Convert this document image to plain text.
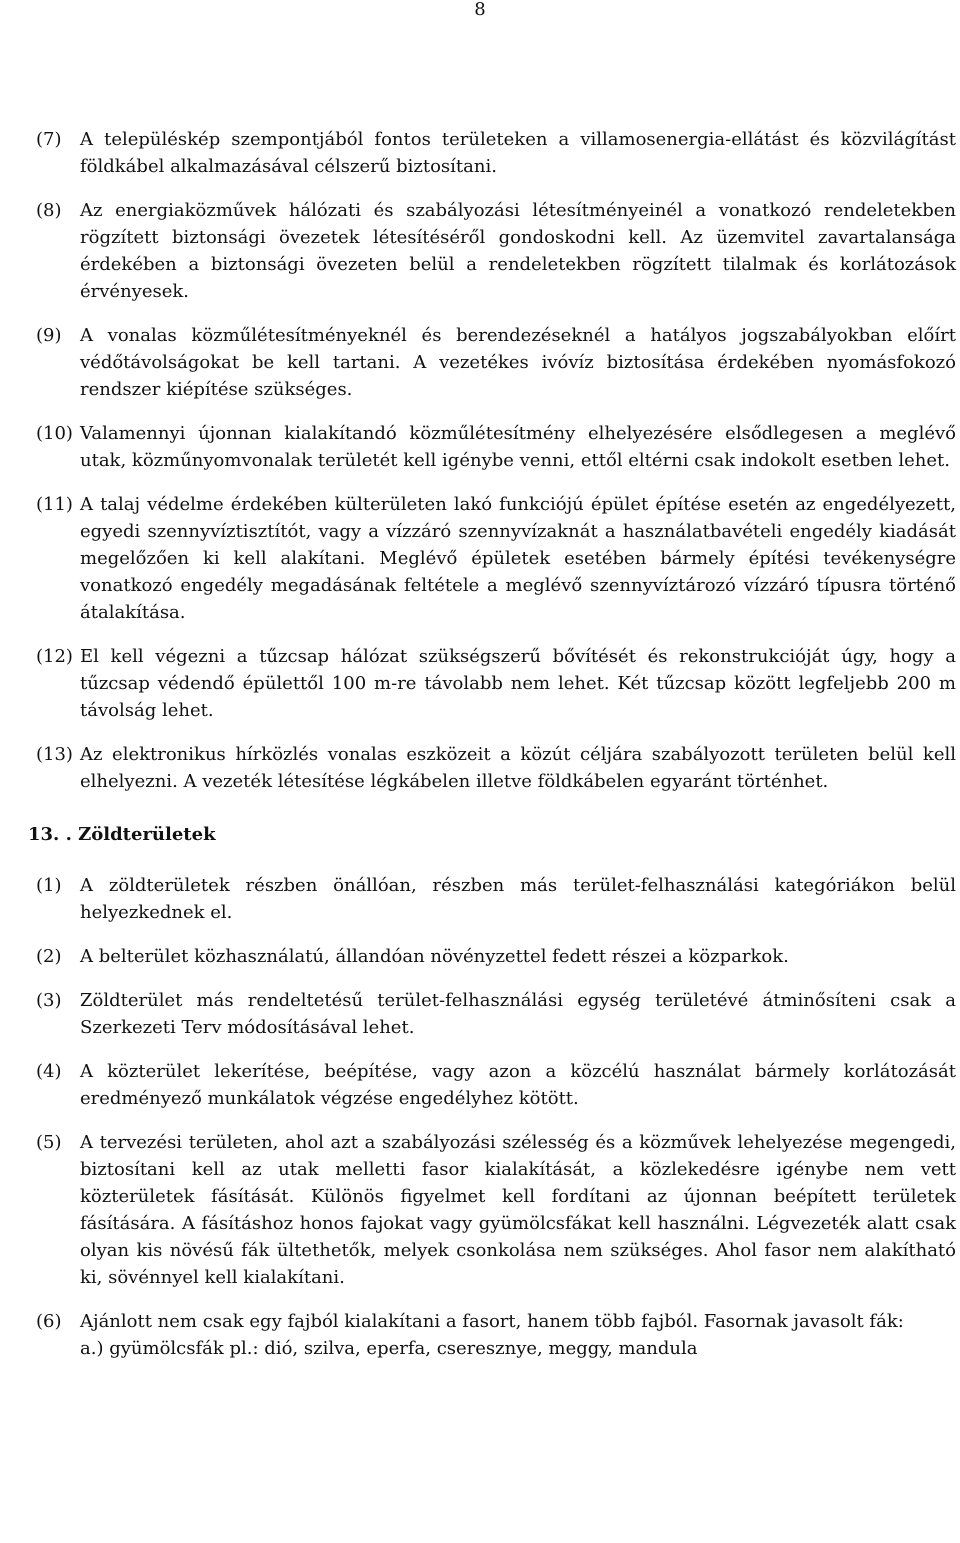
8
(7)	A településkép szempontjából fontos területeken a villamosenergia-ellátást és közvilágítást földkábel alkalmazásával célszerű biztosítani.
(8)	Az energiaközművek hálózati és szabályozási létesítményeinél a vonatkozó rendeletekben rögzített biztonsági övezetek létesítéséről gondoskodni kell. Az üzemvitel zavartalansága érdekében a biztonsági övezeten belül a rendeletekben rögzített tilalmak és korlátozások érvényesek.
(9)	A vonalas közműlétesítményeknél és berendezéseknél a hatályos jogszabályokban előírt védőtávolságokat be kell tartani. A vezetékes ivóvíz biztosítása érdekében nyomásfokozó rendszer kiépítése szükséges.
(10) Valamennyi újonnan kialakítandó közműlétesítmény elhelyezésére elsődlegesen a meglévő utak, közműnyomvonalak területét kell igénybe venni, ettől eltérni csak indokolt esetben lehet.
(11) A talaj védelme érdekében külterületen lakó funkciójú épület építése esetén az engedélyezett, egyedi szennyvíztisztítót, vagy a vízzáró szennyvízaknát a használatbavételi engedély kiadását megelőzően ki kell alakítani. Meglévő épületek esetében bármely építési tevékenységre vonatkozó engedély megadásának feltétele a meglévő szennyvíztározó vízzáró típusra történő átalakítása.
(12) El kell végezni a tűzcsap hálózat szükségszerű bővítését és rekonstrukcióját úgy, hogy a tűzcsap védendő épülettől 100 m-re távolabb nem lehet. Két tűzcsap között legfeljebb 200 m távolság lehet.
(13) Az elektronikus hírközlés vonalas eszközeit a közút céljára szabályozott területen belül kell elhelyezni. A vezeték létesítése légkábelen illetve földkábelen egyaránt történhet.
13. . Zöldterületek
(1)	A zöldterületek részben önállóan, részben más terület-felhasználási kategóriákon belül helyezkednek el.
(2)	A belterület közhasználatú, állandóan növényzettel fedett részei a közparkok.
(3)	Zöldterület más rendeltetésű terület-felhasználási egység területévé átminősíteni csak a Szerkezeti Terv módosításával lehet.
(4)	A közterület lekerítése, beépítése, vagy azon a közcélú használat bármely korlátozását eredményező munkálatok végzése engedélyhez kötött.
(5)	A tervezési területen, ahol azt a szabályozási szélesség és a közművek lehelyezése megengedi, biztosítani kell az utak melletti fasor kialakítását, a közlekedésre igénybe nem vett közterületek fásítását. Különös figyelmet kell fordítani az újonnan beépített területek fásítására. A fásításhoz honos fajokat vagy gyümölcsfákat kell használni. Légvezeték alatt csak olyan kis növésű fák ültethetők, melyek csonkolása nem szükséges. Ahol fasor nem alakítható ki, sövénnyel kell kialakítani.
(6)	Ajánlott nem csak egy fajból kialakítani a fasort, hanem több fajból. Fasornak javasolt fák:
a.) gyümölcsfák pl.: dió, szilva, eperfa, cseresznye, meggy, mandula
